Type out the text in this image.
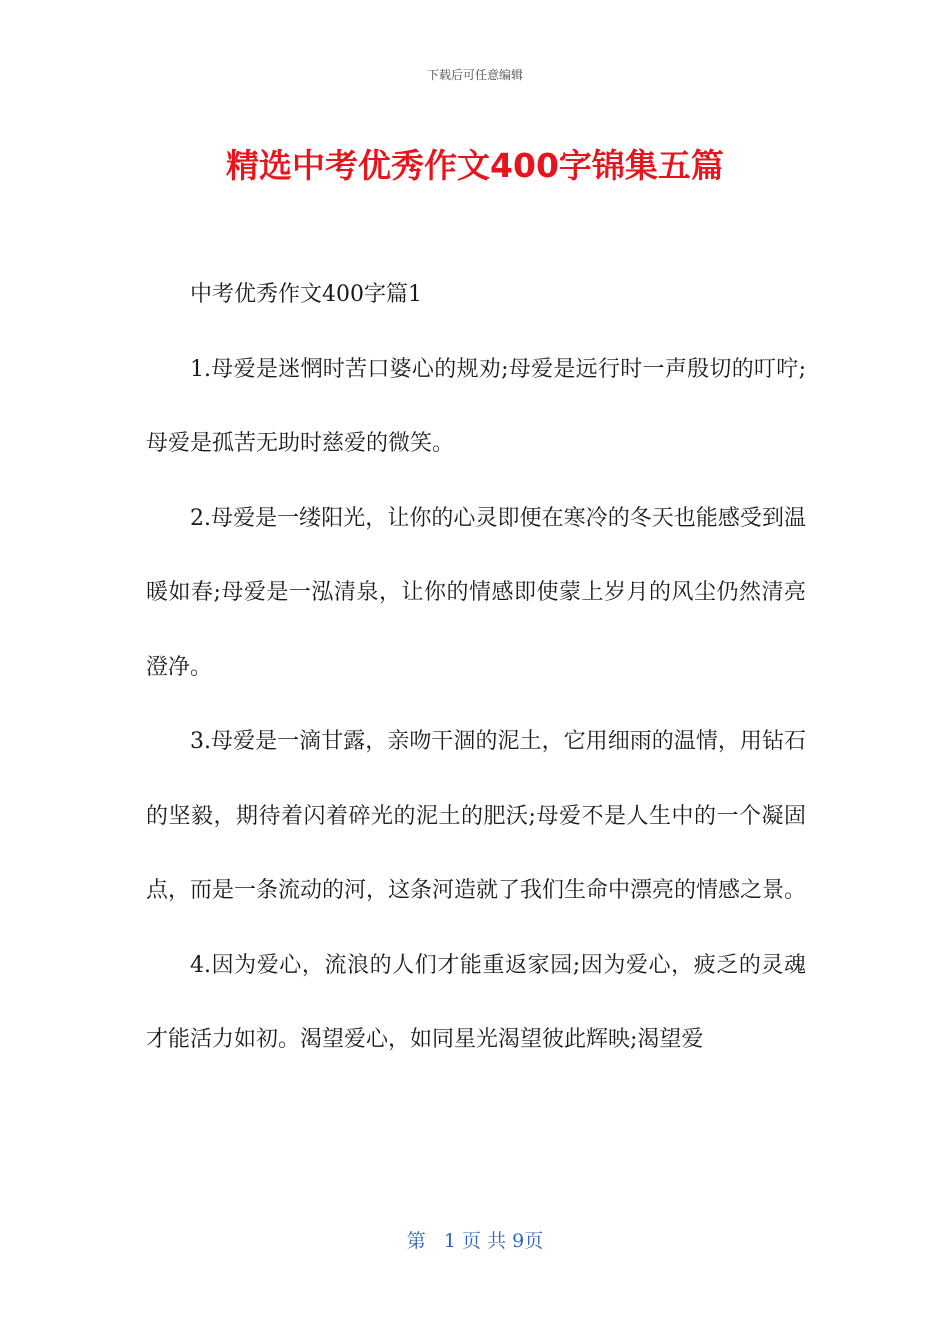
下载后可任意编辑
精选中考优秀作文400字锦集五篇

中考优秀作文400字篇1

1.母爱是迷惘时苦口婆心的规劝;母爱是远行时一声殷切的叮咛;母爱是孤苦无助时慈爱的微笑。

2.母爱是一缕阳光，让你的心灵即便在寒冷的冬天也能感受到温暖如春;母爱是一泓清泉，让你的情感即使蒙上岁月的风尘仍然清亮澄净。

3.母爱是一滴甘露，亲吻干涸的泥土，它用细雨的温情，用钻石的坚毅，期待着闪着碎光的泥土的肥沃;母爱不是人生中的一个凝固点，而是一条流动的河，这条河造就了我们生命中漂亮的情感之景。

4.因为爱心，流浪的人们才能重返家园;因为爱心，疲乏的灵魂才能活力如初。渴望爱心，如同星光渴望彼此辉映;渴望爱

第   1 页 共 9页
